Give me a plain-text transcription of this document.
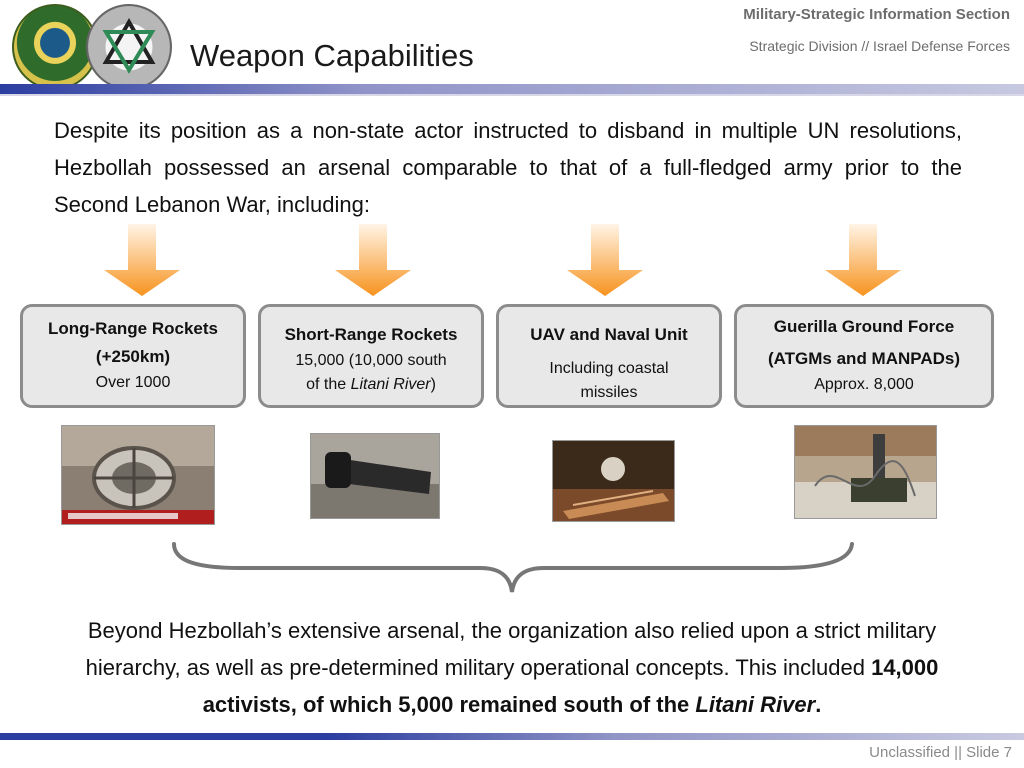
Weapon Capabilities
Military-Strategic Information Section
Strategic Division // Israel Defense Forces
Despite its position as a non-state actor instructed to disband in multiple UN resolutions, Hezbollah possessed an arsenal comparable to that of a full-fledged army prior to the Second Lebanon War, including:
Long-Range Rockets
(+250km)
Over 1000
Short-Range Rockets
15,000 (10,000 south
of the Litani River)
UAV and Naval Unit
Including coastal missiles
Guerilla Ground Force
(ATGMs and MANPADs)
Approx. 8,000
Beyond Hezbollah’s extensive arsenal, the organization also relied upon a strict military hierarchy, as well as pre-determined military operational concepts. This included 14,000 activists, of which 5,000 remained south of the Litani River.
Unclassified || Slide 7
